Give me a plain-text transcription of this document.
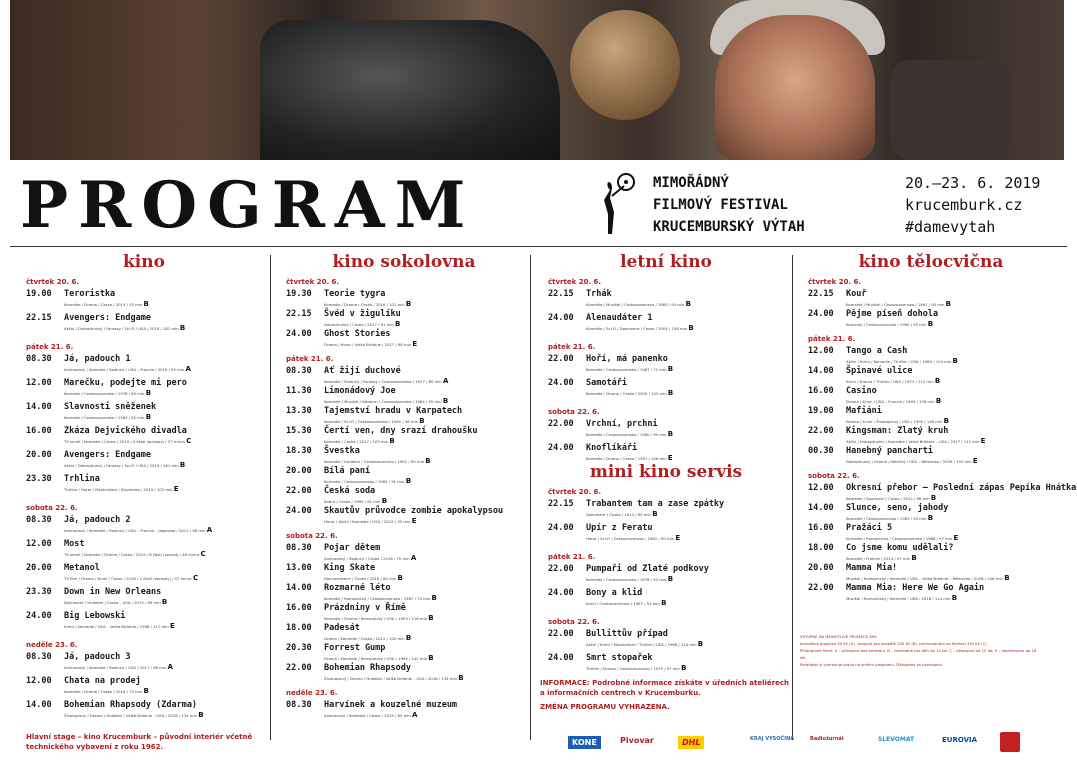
PROGRAM	MIMOŘÁDNÝ
FILMOVÝ FESTIVAL
KRUCEMBURSKÝ VÝTAH
20.–23. 6. 2019
krucemburk.cz
#damevytah
kino
čtvrtek 20. 6.
19.00 Teroristka
Komedie / Drama / Česko / 2019 / 93 min B
22.15 Avengers: Endgame
Akční / Dobrodružný / Fantasy / Sci-Fi / USA / 2019 / 181 min B
pátek 21. 6.
08.30 Já, padouch 1
Animovaný / Komedie / Rodinný / USA – Francie / 2010 / 95 min A
12.00 Marečku, podejte mi pero
Komedie / Československo / 1976 / 83 min B
14.00 Slavnosti sněženek
Komedie / Československo / 1983 / 82 min B
16.00 Zkáza Dejvického divadla
TV seriál / Komedie / Česko / 2019 / 4 části (epizody) / 57 minut C
20.00 Avengers: Endgame
Akční / Dobrodružný / Fantasy / Sci-Fi / USA / 2019 / 181 min B
23.30 Trhlina
Thriller / Horor / Mysteriózní / Slovensko / 2019 / 102 min E
sobota 22. 6.
08.30 Já, padouch 2
Animovaný / Komedie / Rodinný / USA – Francie – Japonsko / 2013 / 98 min A
12.00 Most
TV seriál / Komedie / Drama / Česko / 2019 / 8 částí (epizod) / 48 minut C
20.00 Metanol
TV film / Drama / Krimi / Česko / 2018 / 4 části (epizody) / 57 minut C
23.30 Down in New Orleans
Dokument / Hudební / Česko – USA / 2015 / 90 min B
24.00 Big Lebowski
Krimi / Komedie / USA – Velká Británie / 1998 / 117 min E
neděle 23. 6.
08.30 Já, padouch 3
Animovaný / Komedie / Rodinný / USA / 2017 / 96 min A
12.00 Chata na prodej
Komedie / Drama / Česko / 2018 / 72 min B
14.00 Bohemian Rhapsody (Zdarma)
Životopisný / Drama / Hudební / Velká Británie – USA / 2018 / 134 min B
kino sokolovna
čtvrtek 20. 6.
19.30 Teorie tygra
Komedie / Drama / Česko / 2016 / 101 min B
22.15 Švéd v žigulíku
Dobrodružný / Česko / 2017 / 91 min B
24.00 Ghost Stories
Drama / Horor / Velká Británie / 2017 / 98 min E
pátek 21. 6.
08.30 Ať žijí duchové
Komedie / Rodinný / Fantasy / Československo / 1977 / 80 min A
11.30 Limonádový Joe
Komedie / Muzikál / Western / Československo / 1964 / 95 min B
13.30 Tajemství hradu v Karpatech
Komedie / Sci-Fi / Československo / 1981 / 98 min B
15.30 Čertí ven, dny srazí drahoušku
Komedie / Česko / 2017 / 103 min B
18.30 Švestka
Komedie / Hudební / Československo / 1991 / 90 min B
20.00 Bílá paní
Komedie / Československo / 1965 / 91 min B
22.00 Česká soda
Satira / Česko / 1999 / 61 min B
24.00 Skautův průvodce zombie apokalypsou
Horor / Akční / Komedie / USA / 2015 / 93 min E
sobota 22. 6.
08.30 Pojar dětem
Animovaný / Rodinný / Česko / 2018 / 70 min A
13.00 King Skate
Dokumentární / Česko / 2018 / 80 min B
14.00 Rozmarné léto
Komedie / Romantický / Československo / 1967 / 74 min B
16.00 Prázdniny v Římě
Komedie / Drama / Romantický / USA / 1953 / 118 min B
18.00 Padesát
Drama / Komedie / Česko / 2012 / 102 min B
20.30 Forrest Gump
Drama / Komedie / Romantický / USA / 1994 / 142 min B
22.00 Bohemian Rhapsody
Životopisný / Drama / Hudební / Velká Británie – USA / 2018 / 134 min B
neděle 23. 6.
08.30 Harvínek a kouzelné muzeum
Animovaný / Komedie / Česko / 2015 / 85 min A
letní kino
čtvrtek 20. 6.
22.15 Trhák
Komedie / Muzikál / Československo / 1980 / 94 min B
24.00 Alenaudáter 1
Komedie / Sci-Fi / Dokument / Česko / 2004 / 106 min B
pátek 21. 6.
22.00 Hoří, má panenko
Komedie / Československo / 1967 / 71 min B
24.00 Samotáři
Komedie / Drama / Česko / 2000 / 103 min B
sobota 22. 6.
22.00 Vrchní, prchni
Komedie / Československo / 1980 / 90 min B
24.00 Knoflíkáři
Komedie / Drama / Česko / 1997 / 106 min E
mini kino servis
čtvrtek 20. 6.
22.15 Trabantem tam a zase zpátky
Dokument / Česko / 2014 / 95 min B
24.00 Upír z Feratu
Horor / Sci-Fi / Československo / 1981 / 90 min E
pátek 21. 6.
22.00 Pumpaři od Zlaté podkovy
Komedie / Československo / 1978 / 93 min B
24.00 Bony a klid
Krimi / Československo / 1987 / 91 min B
sobota 22. 6.
22.00 Bullittův případ
Akční / Krimi / Mysteriózní / Thriller / USA / 1968 / 114 min B
24.00 Smrt stopařek
Thriller / Drama / Československo / 1979 / 97 min B
kino tělocvična
čtvrtek 20. 6.
22.15 Kouř
Komedie / Muzikál / Československo / 1991 / 90 min B
24.00 Pějme píseň dohola
Komedie / Československo / 1990 / 93 min B
pátek 21. 6.
12.00 Tango a Cash
Akční / Krimi / Komedie / Thriller / USA / 1989 / 104 min B
14.00 Špinavé ulice
Krimi / Drama / Thriller / USA / 1973 / 112 min B
16.00 Casino
Drama / Krimi / USA – Francie / 1995 / 178 min B
19.00 Mafiáni
Drama / Krimi / Životopisný / USA / 1990 / 146 min B
22.00 Kingsman: Zlatý kruh
Akční / Dobrodružný / Komedie / Velká Británie – USA / 2017 / 141 min E
00.30 Hanebný pancharti
Dobrodružný / Drama / Válečný / USA – Německo / 2009 / 153 min E
sobota 22. 6.
12.00 Okresní přebor – Poslední zápas Pepíka Hnátka
Komedie / Sportovní / Česko / 2012 / 96 min B
14.00 Slunce, seno, jahody
Komedie / Československo / 1983 / 93 min B
16.00 Pražáci 5
Komedie / Romantický / Československo / 1988 / 97 min E
18.00 Co jsme komu udělali?
Komedie / Francie / 2014 / 97 min B
20.00 Mamma Mia!
Muzikál / Romantický / Komedie / USA – Velká Británie – Německo / 2008 / 108 min B
22.00 Mamma Mia: Here We Go Again
Muzikál / Romantický / Komedie / USA / 2018 / 114 min B
Hlavní stage – kino Krucemburk – původní interiér včetně technického vybavení z roku 1962.
INFORMACE: Podrobné informace získáte v úředních ateliérech a informačních centrech v Krucemburku.
ZMĚNA PROGRAMU VYHRAZENA.
VSTUPNÉ NA JEDNOTLIVÉ PROJEKCE KIN:
jednotlivá projekce 50 Kč (A), vstupné pro dospělé 100 Kč (B), permanentka na festival 350 Kč (C)
Přístupnost filmů: A – přístupno bez omezení, B – nevhodné pro děti do 12 let, C – přístupno od 15 let, E – nepřístupno do 18 let.
Pořadatel si vyhrazuje právo na změnu programu. Děkujeme za pochopení.
KONE	Pivovar	DHL	KRAJ VYSOČINA	Radiožurnál	SLEVOMAT	EUROVIA
